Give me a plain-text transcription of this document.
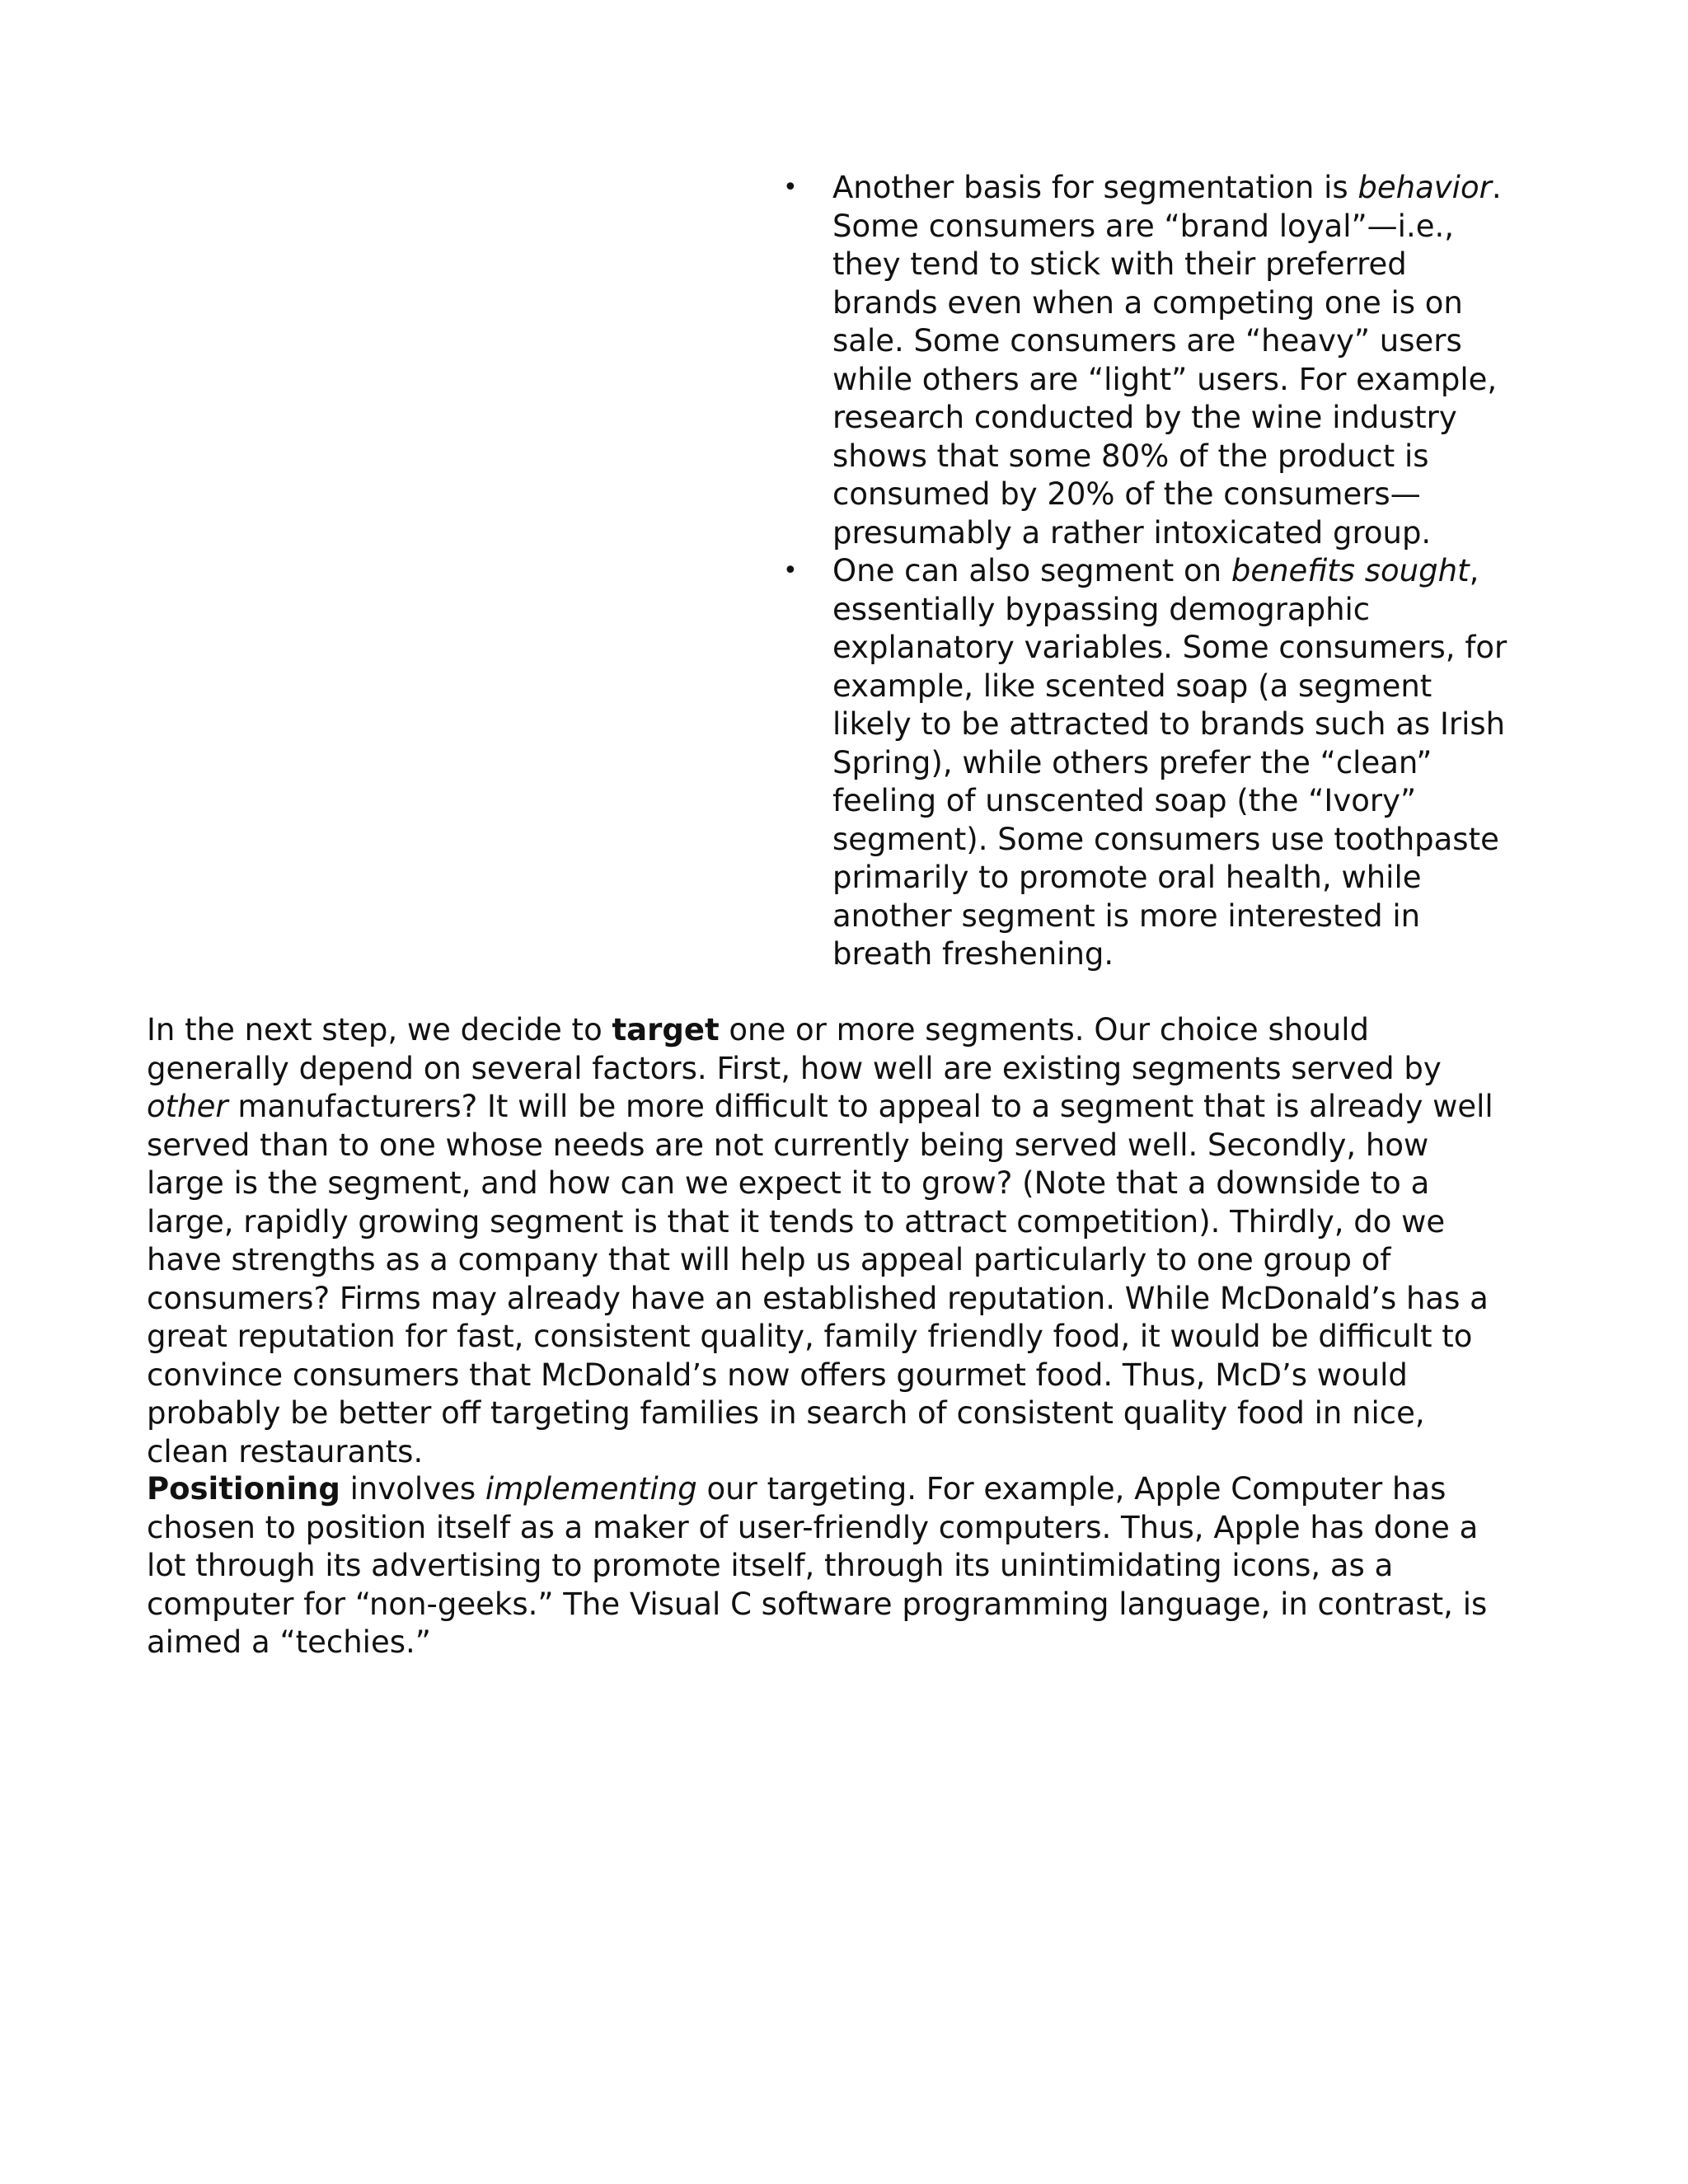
• Another basis for segmentation is behavior. Some consumers are “brand loyal”—i.e., they tend to stick with their preferred brands even when a competing one is on sale. Some consumers are “heavy” users while others are “light” users. For example, research conducted by the wine industry shows that some 80% of the product is consumed by 20% of the consumers—presumably a rather intoxicated group.
• One can also segment on benefits sought, essentially bypassing demographic explanatory variables. Some consumers, for example, like scented soap (a segment likely to be attracted to brands such as Irish Spring), while others prefer the “clean” feeling of unscented soap (the “Ivory” segment). Some consumers use toothpaste primarily to promote oral health, while another segment is more interested in breath freshening.

In the next step, we decide to target one or more segments. Our choice should generally depend on several factors. First, how well are existing segments served by other manufacturers? It will be more difficult to appeal to a segment that is already well served than to one whose needs are not currently being served well. Secondly, how large is the segment, and how can we expect it to grow? (Note that a downside to a large, rapidly growing segment is that it tends to attract competition). Thirdly, do we have strengths as a company that will help us appeal particularly to one group of consumers? Firms may already have an established reputation. While McDonald’s has a great reputation for fast, consistent quality, family friendly food, it would be difficult to convince consumers that McDonald’s now offers gourmet food. Thus, McD’s would probably be better off targeting families in search of consistent quality food in nice, clean restaurants.

Positioning involves implementing our targeting. For example, Apple Computer has chosen to position itself as a maker of user-friendly computers. Thus, Apple has done a lot through its advertising to promote itself, through its unintimidating icons, as a computer for “non-geeks.” The Visual C software programming language, in contrast, is aimed a “techies.”
